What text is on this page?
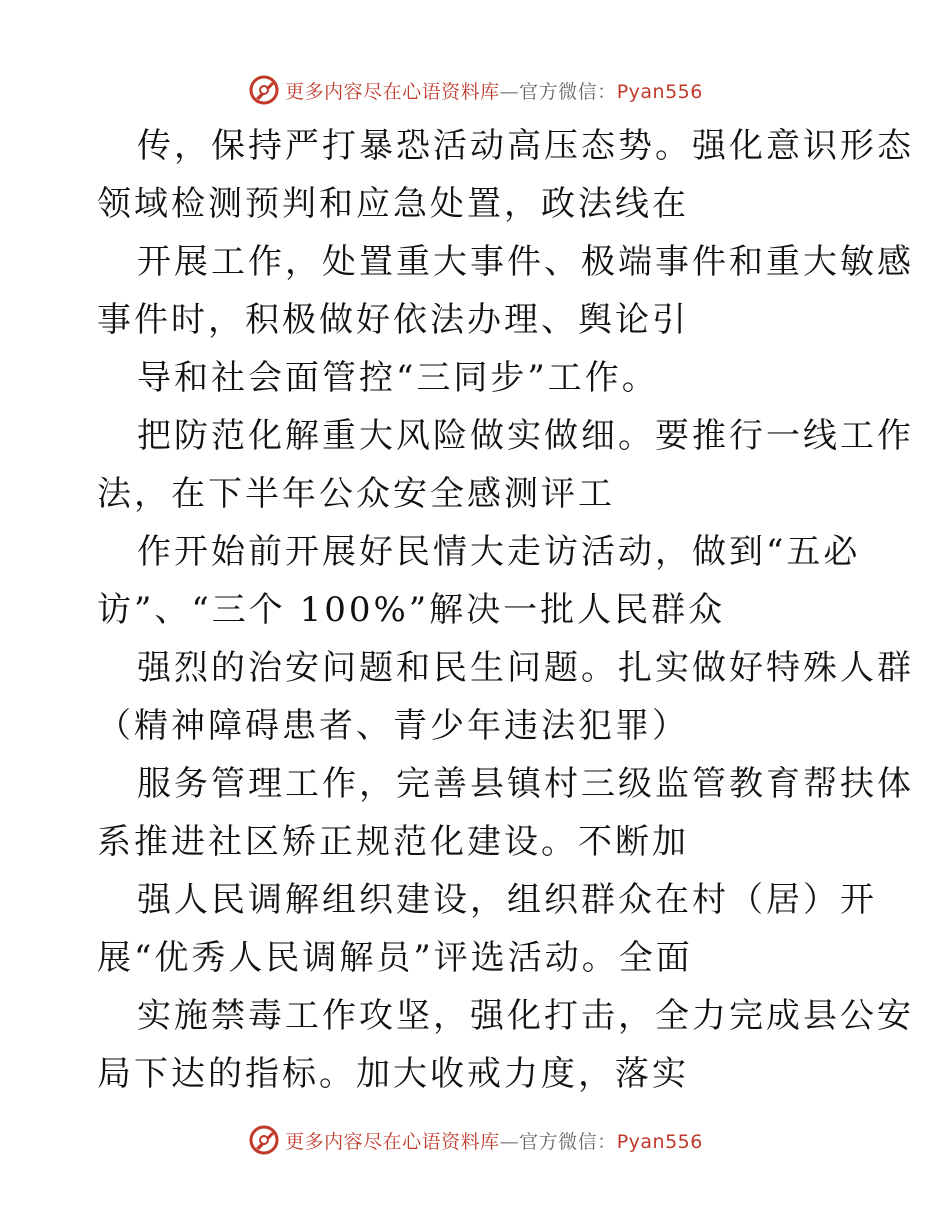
更多内容尽在心语资料库—官方微信：Pyan556

传，保持严打暴恐活动高压态势。强化意识形态
领域检测预判和应急处置，政法线在

开展工作，处置重大事件、极端事件和重大敏感
事件时，积极做好依法办理、舆论引

导和社会面管控“三同步”工作。

把防范化解重大风险做实做细。要推行一线工作
法，在下半年公众安全感测评工

作开始前开展好民情大走访活动，做到“五必
访”、“三个 100%”解决一批人民群众

强烈的治安问题和民生问题。扎实做好特殊人群
（精神障碍患者、青少年违法犯罪）

服务管理工作，完善县镇村三级监管教育帮扶体
系推进社区矫正规范化建设。不断加

强人民调解组织建设，组织群众在村（居）开
展“优秀人民调解员”评选活动。全面

实施禁毒工作攻坚，强化打击，全力完成县公安
局下达的指标。加大收戒力度，落实

更多内容尽在心语资料库—官方微信：Pyan556
